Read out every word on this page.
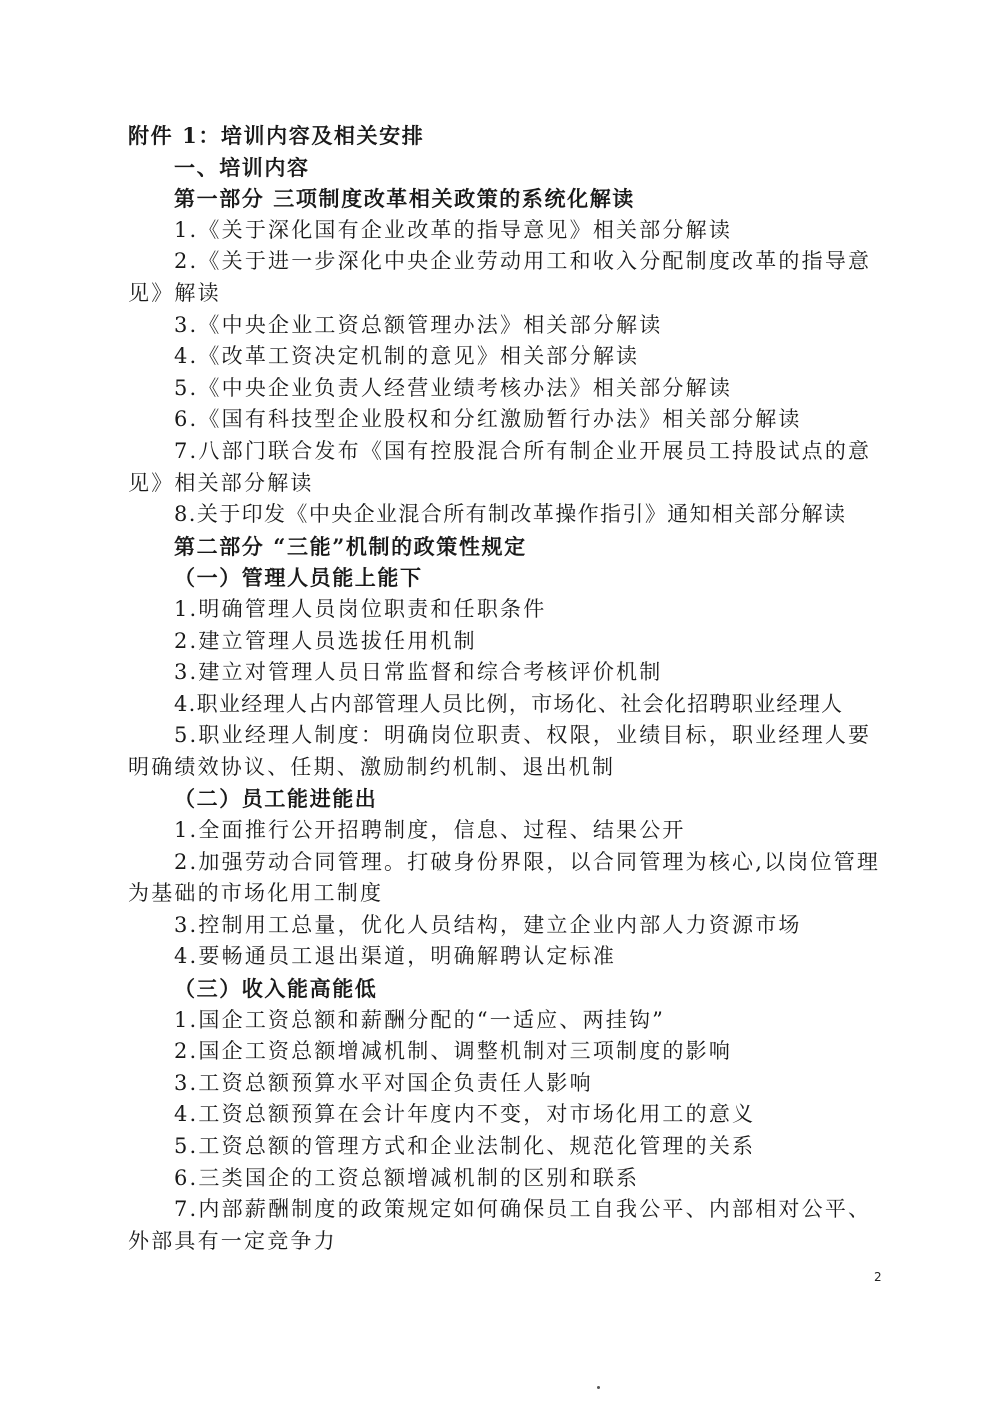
附件 1：培训内容及相关安排
一、培训内容
第一部分 三项制度改革相关政策的系统化解读
1.《关于深化国有企业改革的指导意见》相关部分解读
2.《关于进一步深化中央企业劳动用工和收入分配制度改革的指导意见》解读
3.《中央企业工资总额管理办法》相关部分解读
4.《改革工资决定机制的意见》相关部分解读
5.《中央企业负责人经营业绩考核办法》相关部分解读
6.《国有科技型企业股权和分红激励暂行办法》相关部分解读
7.八部门联合发布《国有控股混合所有制企业开展员工持股试点的意见》相关部分解读
8.关于印发《中央企业混合所有制改革操作指引》通知相关部分解读
第二部分 “三能”机制的政策性规定
（一）管理人员能上能下
1.明确管理人员岗位职责和任职条件
2.建立管理人员选拔任用机制
3.建立对管理人员日常监督和综合考核评价机制
4.职业经理人占内部管理人员比例，市场化、社会化招聘职业经理人
5.职业经理人制度：明确岗位职责、权限，业绩目标，职业经理人要明确绩效协议、任期、激励制约机制、退出机制
（二）员工能进能出
1.全面推行公开招聘制度，信息、过程、结果公开
2.加强劳动合同管理。打破身份界限，以合同管理为核心,以岗位管理为基础的市场化用工制度
3.控制用工总量，优化人员结构，建立企业内部人力资源市场
4.要畅通员工退出渠道，明确解聘认定标准
（三）收入能高能低
1.国企工资总额和薪酬分配的“一适应、两挂钩”
2.国企工资总额增减机制、调整机制对三项制度的影响
3.工资总额预算水平对国企负责任人影响
4.工资总额预算在会计年度内不变，对市场化用工的意义
5.工资总额的管理方式和企业法制化、规范化管理的关系
6.三类国企的工资总额增减机制的区别和联系
7.内部薪酬制度的政策规定如何确保员工自我公平、内部相对公平、外部具有一定竞争力
2
